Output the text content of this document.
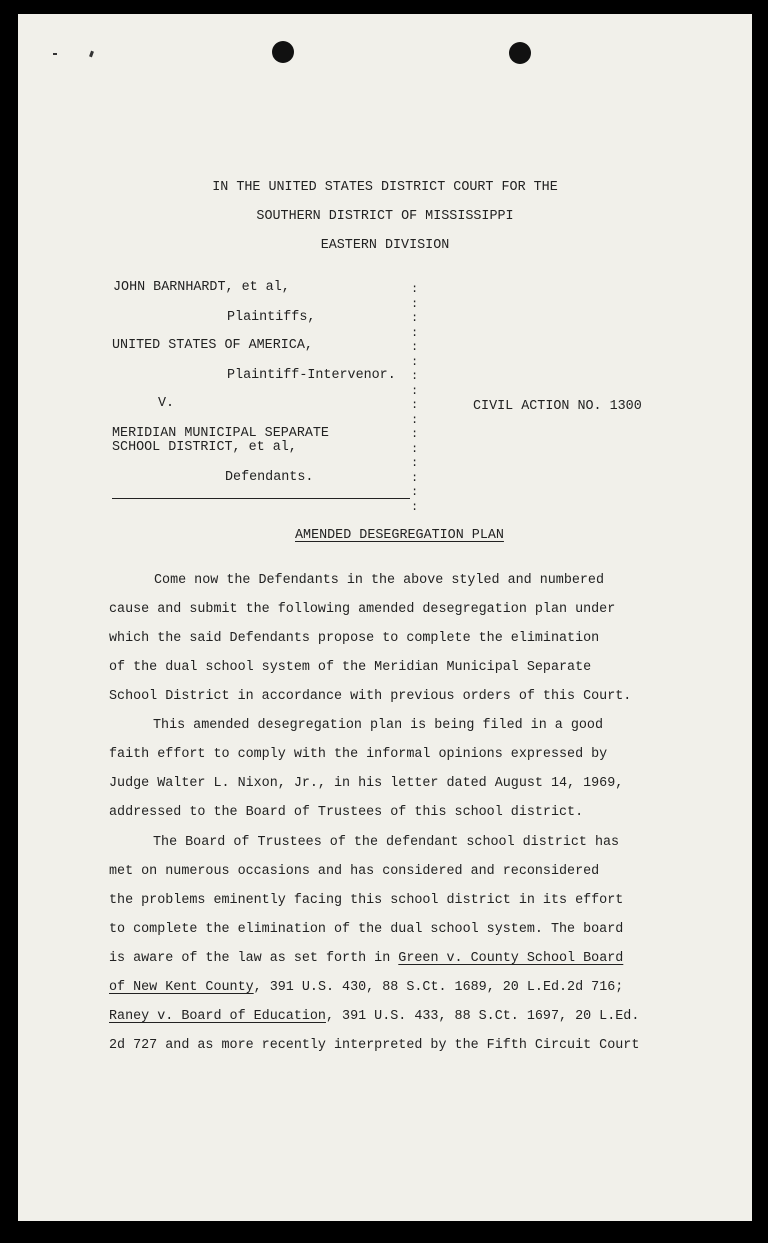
IN THE UNITED STATES DISTRICT COURT FOR THE
SOUTHERN DISTRICT OF MISSISSIPPI
EASTERN DIVISION
JOHN BARNHARDT, et al,
Plaintiffs,
UNITED STATES OF AMERICA,
Plaintiff-Intervenor.
V.
MERIDIAN MUNICIPAL SEPARATE
SCHOOL DISTRICT, et al,
Defendants.
:
:
:
:
:
:
:
:
:
:
:
:
:
:
:
:
CIVIL ACTION NO. 1300
AMENDED DESEGREGATION PLAN
Come now the Defendants in the above styled and numbered
cause and submit the following amended desegregation plan under
which the said Defendants propose to complete the elimination
of the dual school system of the Meridian Municipal Separate
School District in accordance with previous orders of this Court.
This amended desegregation plan is being filed in a good
faith effort to comply with the informal opinions expressed by
Judge Walter L. Nixon, Jr., in his letter dated August 14, 1969,
addressed to the Board of Trustees of this school district.
The Board of Trustees of the defendant school district has
met on numerous occasions and has considered and reconsidered
the problems eminently facing this school district in its effort
to complete the elimination of the dual school system. The board
is aware of the law as set forth in Green v. County School Board
of New Kent County, 391 U.S. 430, 88 S.Ct. 1689, 20 L.Ed.2d 716;
Raney v. Board of Education, 391 U.S. 433, 88 S.Ct. 1697, 20 L.Ed.
2d 727 and as more recently interpreted by the Fifth Circuit Court
